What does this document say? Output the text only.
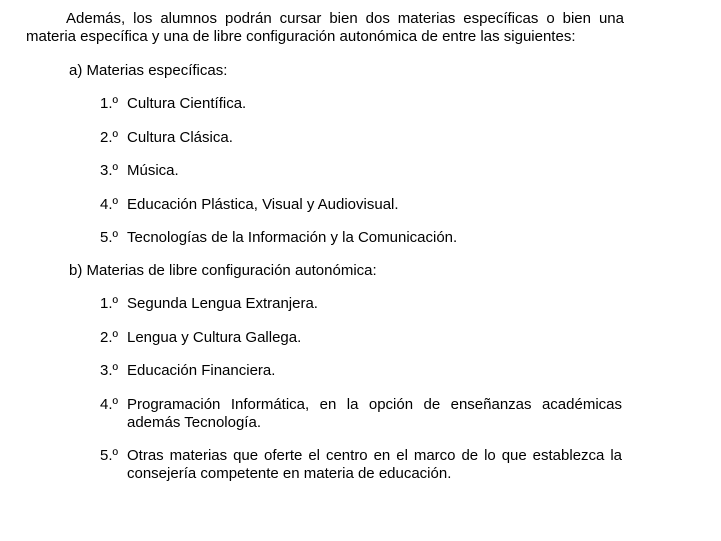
Además, los alumnos podrán cursar bien dos materias específicas o bien una materia específica y una de libre configuración autonómica de entre las siguientes:

a) Materias específicas:

1.º Cultura Científica.
2.º Cultura Clásica.
3.º Música.
4.º Educación Plástica, Visual y Audiovisual.
5.º Tecnologías de la Información y la Comunicación.

b) Materias de libre configuración autonómica:

1.º Segunda Lengua Extranjera.
2.º Lengua y Cultura Gallega.
3.º Educación Financiera.
4.º Programación Informática, en la opción de enseñanzas académicas además Tecnología.
5.º Otras materias que oferte el centro en el marco de lo que establezca la consejería competente en materia de educación.
